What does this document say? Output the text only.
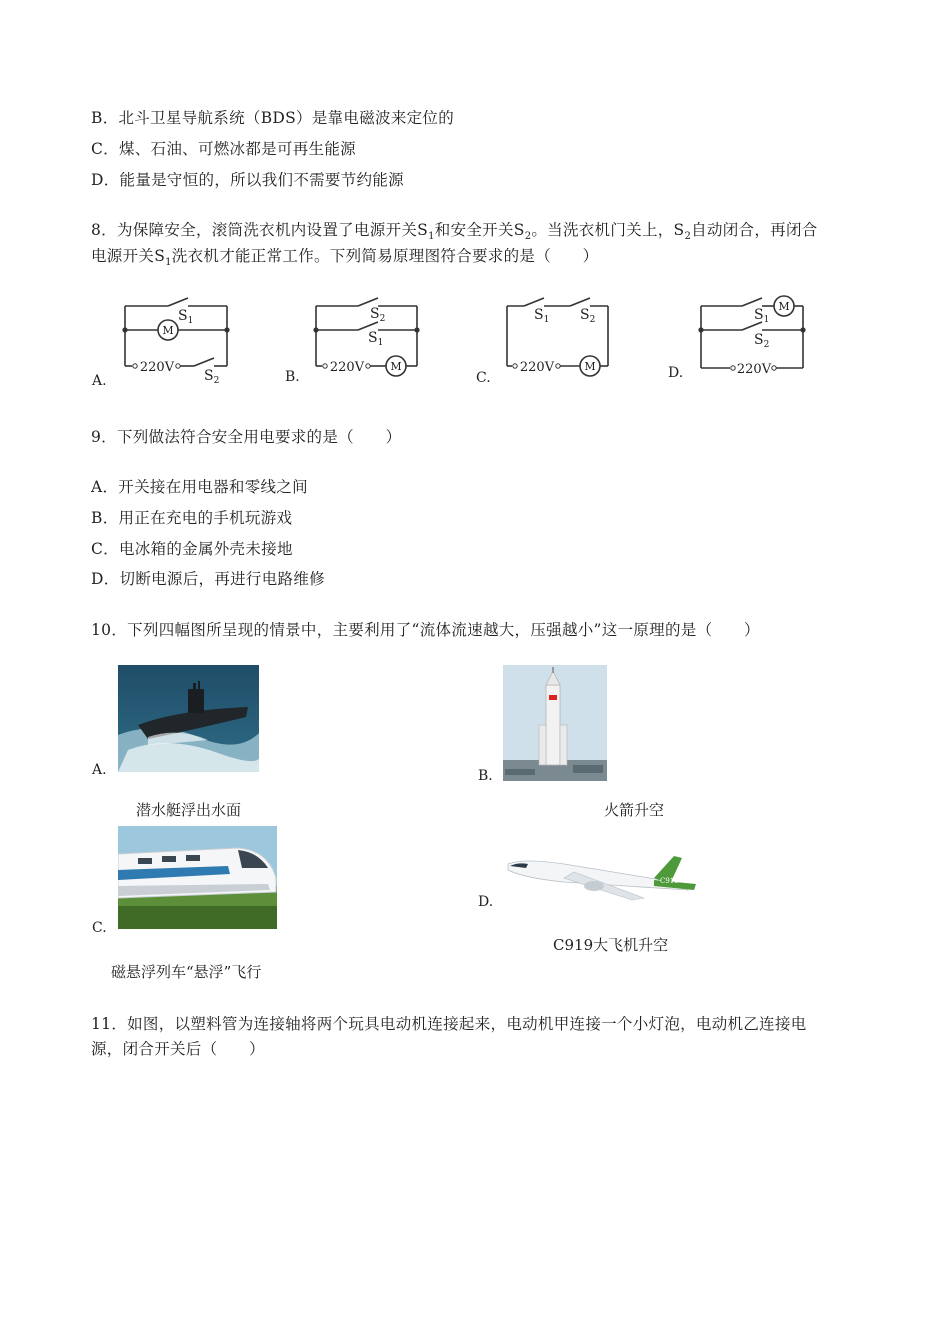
B．北斗卫星导航系统（BDS）是靠电磁波来定位的
C．煤、石油、可燃冰都是可再生能源
D．能量是守恒的，所以我们不需要节约能源
8．为保障安全，滚筒洗衣机内设置了电源开关$S_1$和安全开关$S_2$。当洗衣机门关上，$S_2$自动闭合，再闭合
电源开关$S_1$洗衣机才能正常工作。下列简易原理图符合要求的是（　　）
M
M	M
M
220V	220V	220V	220V
$S_1$
$S_2$
$S_2$
$S_1$
$S_1$ $S_2$	$S_1$
$S_2$
A.	B.	C.	D.
9．下列做法符合安全用电要求的是（　　）
A．开关接在用电器和零线之间
B．用正在充电的手机玩游戏
C．电冰箱的金属外壳未接地
D．切断电源后，再进行电路维修
10．下列四幅图所呈现的情景中，主要利用了“流体流速越大，压强越小”这一原理的是（　　）
A.
潜水艇浮出水面
B.
火箭升空
C.
磁悬浮列车“悬浮”飞行
C919
D.
C919大飞机升空
11．如图，以塑料管为连接轴将两个玩具电动机连接起来，电动机甲连接一个小灯泡，电动机乙连接电
源，闭合开关后（　　）
